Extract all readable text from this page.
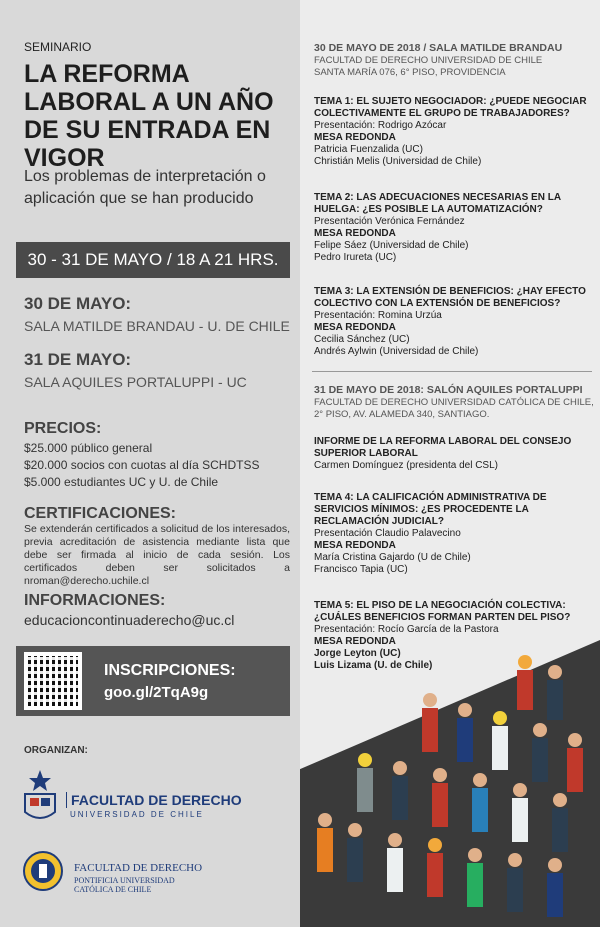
SEMINARIO
LA REFORMA LABORAL A UN AÑO DE SU ENTRADA EN VIGOR
Los problemas de interpretación o aplicación que se han producido
30 - 31 DE MAYO / 18 A 21 HRS.
30 DE MAYO:
SALA MATILDE BRANDAU - U. DE CHILE
31 DE MAYO:
SALA AQUILES PORTALUPPI - UC
PRECIOS:
$25.000 público general
$20.000 socios con cuotas al día SCHDTSS
$5.000 estudiantes UC y U. de Chile
CERTIFICACIONES:
Se extenderán certificados a solicitud de los interesados, previa acreditación de asistencia mediante lista que debe ser firmada al inicio de cada sesión. Los certificados deben ser solicitados a nroman@derecho.uchile.cl
INFORMACIONES:
educacioncontinuaderecho@uc.cl
INSCRIPCIONES:
goo.gl/2TqA9g
ORGANIZAN:
FACULTAD DE DERECHO
UNIVERSIDAD DE CHILE
FACULTAD DE DERECHO
PONTIFICIA UNIVERSIDAD
CATÓLICA DE CHILE
30 DE MAYO DE 2018 / SALA MATILDE BRANDAU
FACULTAD DE DERECHO UNIVERSIDAD DE CHILE
SANTA MARÍA 076, 6° PISO, PROVIDENCIA
TEMA 1: EL SUJETO NEGOCIADOR: ¿PUEDE NEGOCIAR COLECTIVAMENTE EL GRUPO DE TRABAJADORES?
Presentación: Rodrigo Azócar
MESA REDONDA
Patricia Fuenzalida (UC)
Christián Melis (Universidad de Chile)
TEMA 2: LAS ADECUACIONES NECESARIAS EN LA HUELGA: ¿ES POSIBLE LA AUTOMATIZACIÓN?
Presentación Verónica Fernández
MESA REDONDA
Felipe Sáez (Universidad de Chile)
Pedro Irureta (UC)
TEMA 3: LA EXTENSIÓN DE BENEFICIOS: ¿HAY EFECTO COLECTIVO CON LA EXTENSIÓN DE BENEFICIOS?
Presentación: Romina Urzúa
MESA REDONDA
Cecilia Sánchez (UC)
Andrés Aylwin (Universidad de Chile)
31 DE MAYO DE 2018: SALÓN AQUILES PORTALUPPI
FACULTAD DE DERECHO UNIVERSIDAD CATÓLICA DE CHILE,
2° PISO, AV. ALAMEDA 340, SANTIAGO.
INFORME DE LA REFORMA LABORAL DEL CONSEJO SUPERIOR LABORAL
Carmen Domínguez (presidenta del CSL)
TEMA 4: LA CALIFICACIÓN ADMINISTRATIVA DE SERVICIOS MÍNIMOS: ¿ES PROCEDENTE LA RECLAMACIÓN JUDICIAL?
Presentación Claudio Palavecino
MESA REDONDA
María Cristina Gajardo (U de Chile)
Francisco Tapia (UC)
TEMA 5: EL PISO DE LA NEGOCIACIÓN COLECTIVA: ¿CUÁLES BENEFICIOS FORMAN PARTEN DEL PISO?
Presentación: Rocío García de la Pastora
MESA REDONDA
Jorge Leyton (UC)
Luis Lizama (U. de Chile)
